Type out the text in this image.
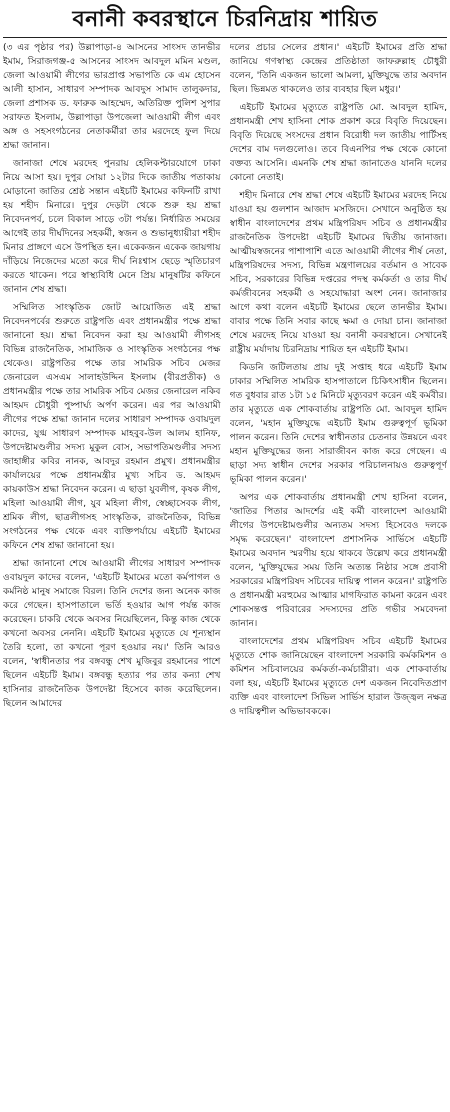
বনানী কবরস্থানে চিরনিদ্রায় শায়িত

(৩ এর পৃষ্ঠার পর) উল্লাপাড়া-৪ আসনের সাংসদ তানভীর ইমাম, সিরাজগঞ্জ-৫ আসনের সাংসদ আবদুল মমিন মণ্ডল, জেলা আওয়ামী লীগের ভারপ্রাপ্ত সভাপতি কে এম হোসেন আলী হাসান, সাধারণ সম্পাদক আবদুস সামাদ তালুকদার, জেলা প্রশাসক ড. ফারুক আহম্মেদ, অতিরিক্ত পুলিশ সুপার সরাফত ইসলাম, উল্লাপাড়া উপজেলা আওয়ামী লীগ এবং অঙ্গ ও সহসংগঠনের নেতাকর্মীরা তার মরদেহে ফুল দিয়ে শ্রদ্ধা জানান।

জানাজা শেষে মরদেহ পুনরায় হেলিকপ্টারযোগে ঢাকা নিয়ে আসা হয়। দুপুর সোয়া ১২টার দিকে জাতীয় পতাকায় মোড়ানো জাতির শ্রেষ্ঠ সন্তান এইচটি ইমামের কফিনটি রাখা হয় শহীদ মিনারে। দুপুর দেড়টা থেকে শুরু হয় শ্রদ্ধা নিবেদনপর্ব, চলে বিকাল সাড়ে ৩টা পর্যন্ত। নির্ধারিত সময়ের আগেই তার দীর্ঘদিনের সহকর্মী, স্বজন ও শুভানুধ্যায়ীরা শহীদ মিনার প্রাঙ্গণে এসে উপস্থিত হন। একেকজন একেক জায়গায় দাঁড়িয়ে নিজেদের মতো করে দীর্ঘ নিঃশ্বাস ছেড়ে স্মৃতিচারণ করতে থাকেন। পরে স্বাস্থ্যবিধি মেনে প্রিয় মানুষটির কফিনে জানান শেষ শ্রদ্ধা।

সম্মিলিত সাংস্কৃতিক জোট আয়োজিত এই শ্রদ্ধা নিবেদনপর্বের শুরুতে রাষ্ট্রপতি এবং প্রধানমন্ত্রীর পক্ষে শ্রদ্ধা জানানো হয়। শ্রদ্ধা নিবেদন করা হয় আওয়ামী লীগসহ বিভিন্ন রাজনৈতিক, সামাজিক ও সাংস্কৃতিক সংগঠনের পক্ষ থেকেও। রাষ্ট্রপতির পক্ষে তার সামরিক সচিব মেজর জেনারেল এসএম সালাহউদ্দিন ইসলাম (বীরপ্রতীক) ও প্রধানমন্ত্রীর পক্ষে তার সামরিক সচিব মেজর জেনারেল নকিব আহমদ চৌধুরী পুষ্পার্ঘ্য অর্পণ করেন। এর পর আওয়ামী লীগের পক্ষে শ্রদ্ধা জানান দলের সাধারণ সম্পাদক ওবায়দুল কাদের, যুগ্ম সাধারণ সম্পাদক মাহবুব-উল আলম হানিফ, উপদেষ্টামণ্ডলীর সদস্য মুকুল বোস, সভাপতিমণ্ডলীর সদস্য জাহাঙ্গীর কবির নানক, আবদুর রহমান প্রমুখ। প্রধানমন্ত্রীর কার্যালয়ের পক্ষে প্রধানমন্ত্রীর মুখ্য সচিব ড. আহমদ কায়কাউস শ্রদ্ধা নিবেদন করেন। এ ছাড়া যুবলীগ, কৃষক লীগ, মহিলা আওয়ামী লীগ, যুব মহিলা লীগ, স্বেচ্ছাসেবক লীগ, শ্রমিক লীগ, ছাত্রলীগসহ সাংস্কৃতিক, রাজনৈতিক, বিভিন্ন সংগঠনের পক্ষ থেকে এবং ব্যক্তিপর্যায়ে এইচটি ইমামের কফিনে শেষ শ্রদ্ধা জানানো হয়।

শ্রদ্ধা জানানো শেষে আওয়ামী লীগের সাধারণ সম্পাদক ওবায়দুল কাদের বলেন, 'এইচটি ইমামের মতো কর্মপাগল ও কর্মনিষ্ঠ মানুষ সমাজে বিরল। তিনি দেশের জন্য অনেক কাজ করে গেছেন। হাসপাতালে ভর্তি হওয়ার আগ পর্যন্ত কাজ করেছেন। চাকরি থেকে অবসর নিয়েছিলেন, কিন্তু কাজ থেকে কখনো অবসর নেননি। এইচটি ইমামের মৃত্যুতে যে শূন্যস্থান তৈরি হলো, তা কখনো পূরণ হওয়ার নয়।' তিনি আরও বলেন, 'স্বাধীনতার পর বঙ্গবন্ধু শেখ মুজিবুর রহমানের পাশে ছিলেন এইচটি ইমাম। বঙ্গবন্ধু হত্যার পর তার কন্যা শেখ হাসিনার রাজনৈতিক উপদেষ্টা হিসেবে কাজ করেছিলেন। ছিলেন আমাদের

দলের প্রচার সেলের প্রধান।' এইচটি ইমামের প্রতি শ্রদ্ধা জানিয়ে গণস্বাস্থ্য কেন্দ্রের প্রতিষ্ঠাতা জাফরুল্লাহ চৌধুরী বলেন, 'তিনি একজন ভালো আমলা, মুক্তিযুদ্ধে তার অবদান ছিল। ভিন্নমত থাকলেও তার ব্যবহার ছিল মধুর।'

এইচটি ইমামের মৃত্যুতে রাষ্ট্রপতি মো. আবদুল হামিদ, প্রধানমন্ত্রী শেখ হাসিনা শোক প্রকাশ করে বিবৃতি দিয়েছেন। বিবৃতি দিয়েছে সংসদের প্রধান বিরোধী দল জাতীয় পার্টিসহ দেশের বাম দলগুলোও। তবে বিএনপির পক্ষ থেকে কোনো বক্তব্য আসেনি। এমনকি শেষ শ্রদ্ধা জানাতেও যাননি দলের কোনো নেতাই।

শহীদ মিনারে শেষ শ্রদ্ধা শেষে এইচটি ইমামের মরদেহ নিয়ে যাওয়া হয় গুলশান আজাদ মসজিদে। সেখানে অনুষ্ঠিত হয় স্বাধীন বাংলাদেশের প্রথম মন্ত্রিপরিষদ সচিব ও প্রধানমন্ত্রীর রাজনৈতিক উপদেষ্টা এইচটি ইমামের দ্বিতীয় জানাজা। আত্মীয়স্বজনের পাশাপাশি এতে আওয়ামী লীগের শীর্ষ নেতা, মন্ত্রিপরিষদের সদস্য, বিভিন্ন মন্ত্রণালয়ের বর্তমান ও সাবেক সচিব, সরকারের বিভিন্ন দপ্তরের পদস্থ কর্মকর্তা ও তার দীর্ঘ কর্মজীবনের সহকর্মী ও সহযোদ্ধারা অংশ নেন। জানাজার আগে কথা বলেন এইচটি ইমামের ছেলে তানভীর ইমাম। বাবার পক্ষে তিনি সবার কাছে ক্ষমা ও দোয়া চান। জানাজা শেষে মরদেহ নিয়ে যাওয়া হয় বনানী কবরস্থানে। সেখানেই রাষ্ট্রীয় মর্যাদায় চিরনিদ্রায় শায়িত হন এইচটি ইমাম।

কিডনি জটিলতায় প্রায় দুই সপ্তাহ ধরে এইচটি ইমাম ঢাকার সম্মিলিত সামরিক হাসপাতালে চিকিৎসাধীন ছিলেন। গত বুধবার রাত ১টা ১৫ মিনিটে মৃত্যুবরণ করেন এই কর্মবীর। তার মৃত্যুতে এক শোকবার্তায় রাষ্ট্রপতি মো. আবদুল হামিদ বলেন, 'মহান মুক্তিযুদ্ধে এইচটি ইমাম গুরুত্বপূর্ণ ভূমিকা পালন করেন। তিনি দেশের স্বাধীনতার চেতনার উন্নয়নে এবং মহান মুক্তিযুদ্ধের জন্য সারাজীবন কাজ করে গেছেন। এ ছাড়া সদ্য স্বাধীন দেশের সরকার পরিচালনায়ও গুরুত্বপূর্ণ ভূমিকা পালন করেন।'

অপর এক শোকবার্তায় প্রধানমন্ত্রী শেখ হাসিনা বলেন, 'জাতির পিতার আদর্শের এই কর্মী বাংলাদেশ আওয়ামী লীগের উপদেষ্টামণ্ডলীর অন্যতম সদস্য হিসেবেও দলকে সমৃদ্ধ করেছেন।' বাংলাদেশ প্রশাসনিক সার্ভিসে এইচটি ইমামের অবদান স্মরণীয় হয়ে থাকবে উল্লেখ করে প্রধানমন্ত্রী বলেন, 'মুক্তিযুদ্ধের সময় তিনি অত্যন্ত নিষ্ঠার সঙ্গে প্রবাসী সরকারের মন্ত্রিপরিষদ সচিবের দায়িত্ব পালন করেন।' রাষ্ট্রপতি ও প্রধানমন্ত্রী মরহুমের আত্মার মাগফিরাত কামনা করেন এবং শোকসন্তপ্ত পরিবারের সদস্যদের প্রতি গভীর সমবেদনা জানান।

বাংলাদেশের প্রথম মন্ত্রিপরিষদ সচিব এইচটি ইমামের মৃত্যুতে শোক জানিয়েছেন বাংলাদেশ সরকারি কর্মকমিশন ও কমিশন সচিবালয়ের কর্মকর্তা-কর্মচারীরা। এক শোকবার্তায় বলা হয়, এইচটি ইমামের মৃত্যুতে দেশ একজন নিবেদিতপ্রাণ ব্যক্তি এবং বাংলাদেশ সিভিল সার্ভিস হারাল উজ্জ্বল নক্ষত্র ও দায়িত্বশীল অভিভাবককে।
